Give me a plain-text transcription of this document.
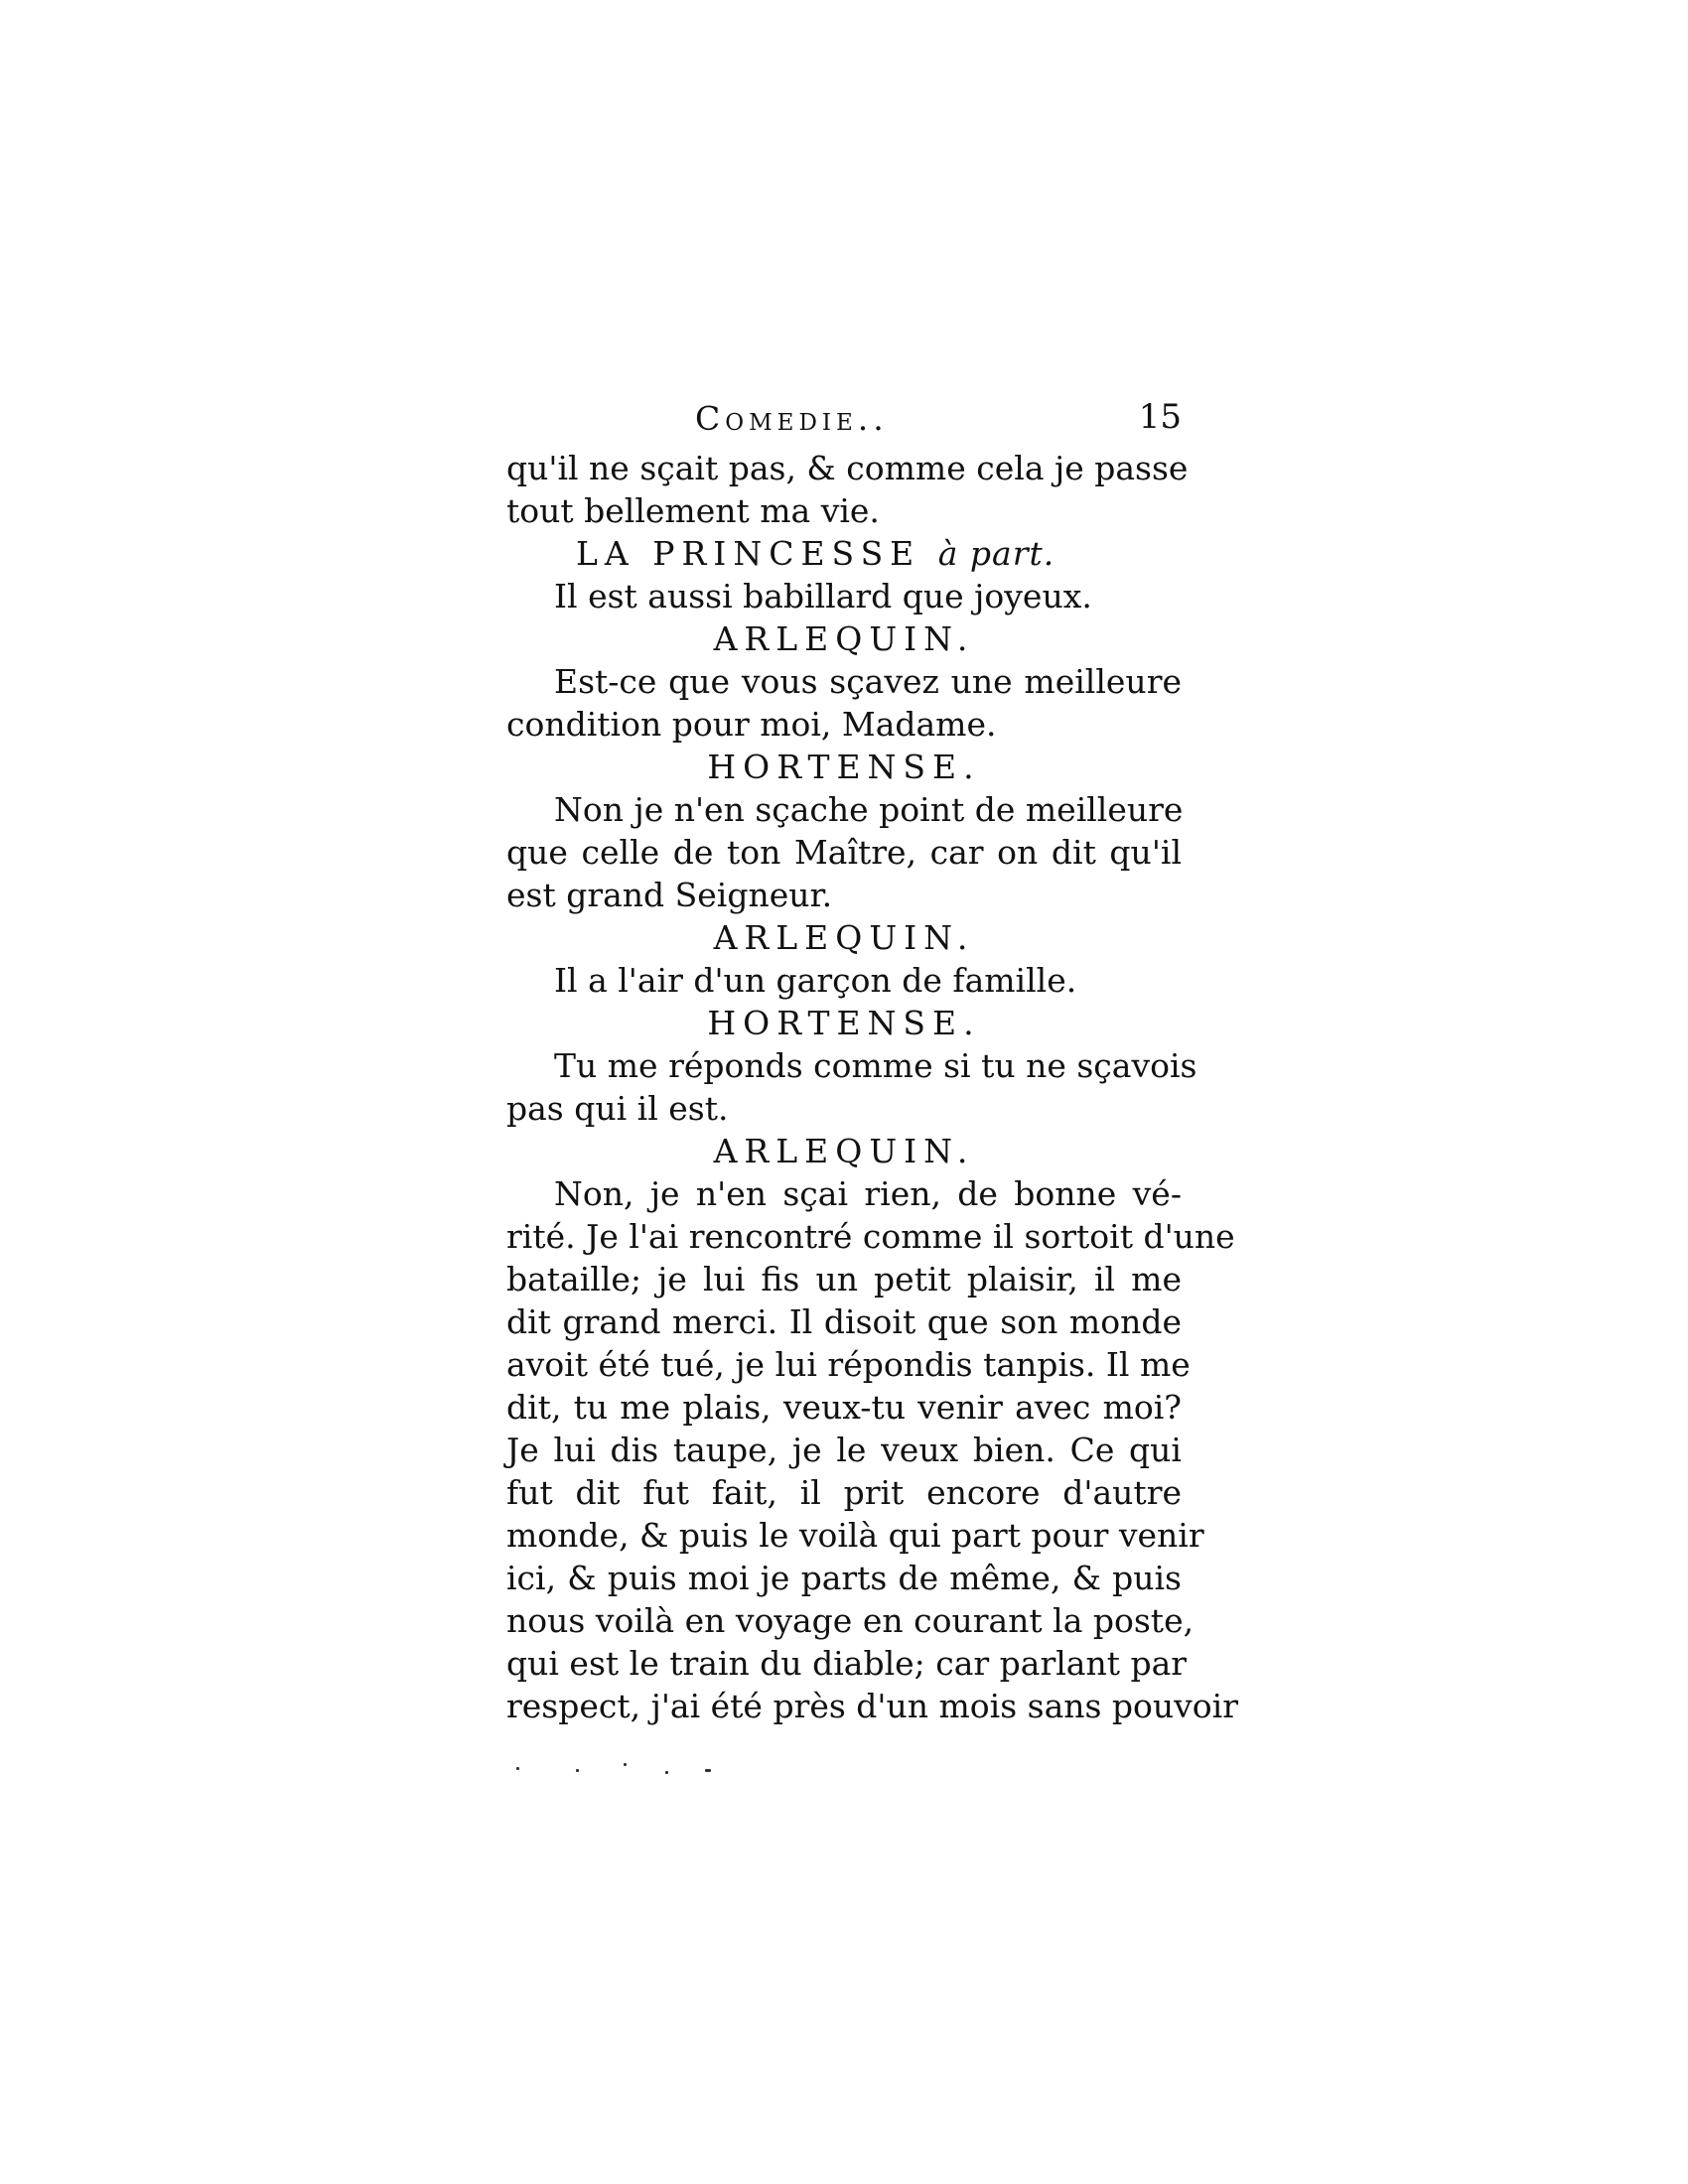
Comedie..	15
qu'il ne sçait pas, & comme cela je passe
tout bellement ma vie.
LA PRINCESSE à part.
Il est aussi babillard que joyeux.
ARLEQUIN.
Est-ce que vous sçavez une meilleure
condition pour moi, Madame.
HORTENSE.
Non je n'en sçache point de meilleure
que celle de ton Maître, car on dit qu'il
est grand Seigneur.
ARLEQUIN.
Il a l'air d'un garçon de famille.
HORTENSE.
Tu me réponds comme si tu ne sçavois
pas qui il est.
ARLEQUIN.
Non, je n'en sçai rien, de bonne vé-
rité. Je l'ai rencontré comme il sortoit d'une
bataille; je lui fis un petit plaisir, il me
dit grand merci. Il disoit que son monde
avoit été tué, je lui répondis tanpis. Il me
dit, tu me plais, veux-tu venir avec moi?
Je lui dis taupe, je le veux bien. Ce qui
fut dit fut fait, il prit encore d'autre
monde, & puis le voilà qui part pour venir
ici, & puis moi je parts de même, & puis
nous voilà en voyage en courant la poste,
qui est le train du diable; car parlant par
respect, j'ai été près d'un mois sans pouvoir
